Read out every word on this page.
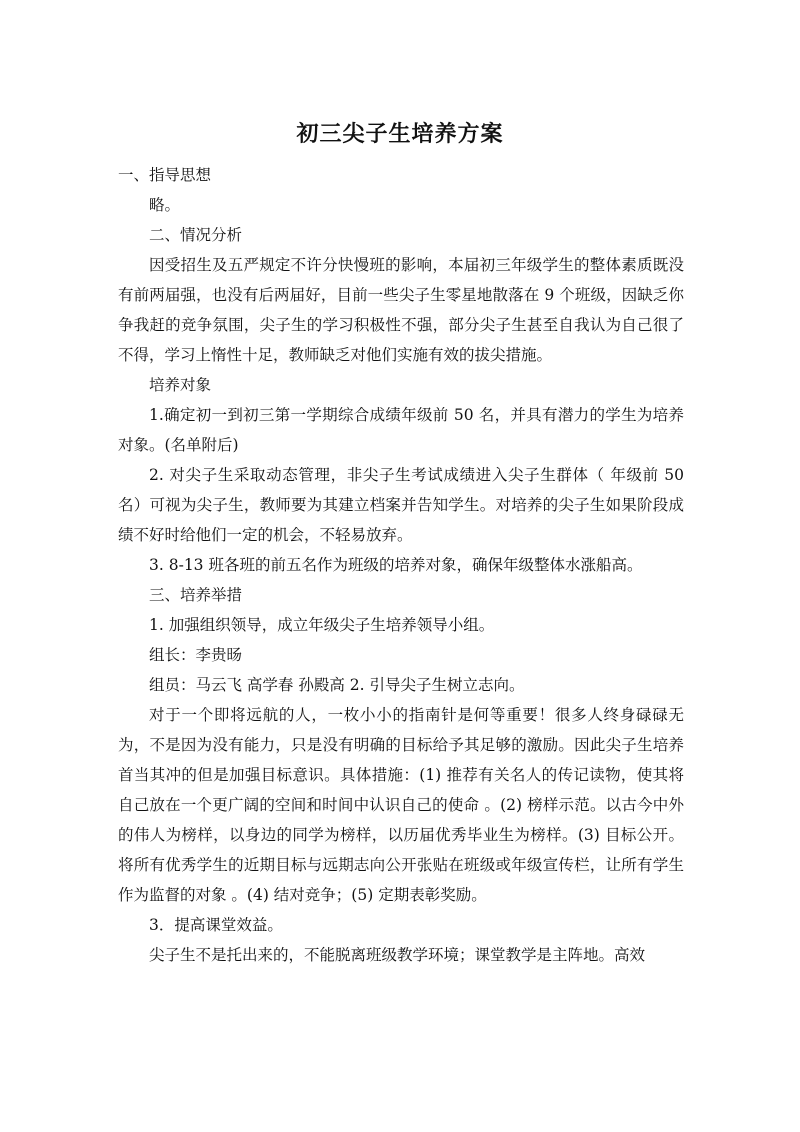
初三尖子生培养方案

一、指导思想

略。

二、情况分析

因受招生及五严规定不许分快慢班的影响，本届初三年级学生的整体素质既没有前两届强，也没有后两届好，目前一些尖子生零星地散落在 9 个班级，因缺乏你争我赶的竞争氛围，尖子生的学习积极性不强，部分尖子生甚至自我认为自己很了不得，学习上惰性十足，教师缺乏对他们实施有效的拔尖措施。

培养对象

1.确定初一到初三第一学期综合成绩年级前 50 名，并具有潜力的学生为培养对象。(名单附后)

2. 对尖子生采取动态管理，非尖子生考试成绩进入尖子生群体（ 年级前 50 名）可视为尖子生，教师要为其建立档案并告知学生。对培养的尖子生如果阶段成绩不好时给他们一定的机会，不轻易放弃。

3. 8-13 班各班的前五名作为班级的培养对象，确保年级整体水涨船高。

三、培养举措

1. 加强组织领导，成立年级尖子生培养领导小组。

组长：李贵旸

组员：马云飞 高学春 孙殿高 2. 引导尖子生树立志向。

对于一个即将远航的人，一枚小小的指南针是何等重要！很多人终身碌碌无为，不是因为没有能力，只是没有明确的目标给予其足够的激励。因此尖子生培养首当其冲的但是加强目标意识。具体措施：(1) 推荐有关名人的传记读物，使其将自己放在一个更广阔的空间和时间中认识自己的使命 。(2) 榜样示范。以古今中外的伟人为榜样，以身边的同学为榜样，以历届优秀毕业生为榜样。(3) 目标公开。将所有优秀学生的近期目标与远期志向公开张贴在班级或年级宣传栏，让所有学生作为监督的对象 。(4) 结对竞争；(5) 定期表彰奖励。

3．提高课堂效益。

尖子生不是托出来的，不能脱离班级教学环境；课堂教学是主阵地。高效
